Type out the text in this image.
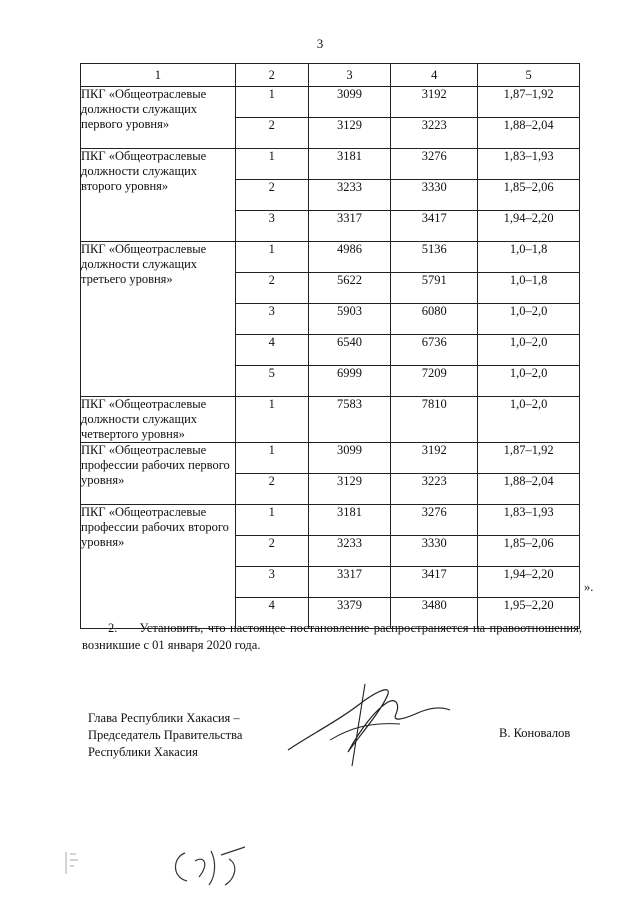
3
1	2	3	4	5
ПКГ «Общеотраслевые должности служащих первого уровня»	1	3099	3192	1,87–1,92
	2	3129	3223	1,88–2,04
ПКГ «Общеотраслевые должности служащих второго уровня»	1	3181	3276	1,83–1,93
	2	3233	3330	1,85–2,06
	3	3317	3417	1,94–2,20
ПКГ «Общеотраслевые должности служащих третьего уровня»	1	4986	5136	1,0–1,8
	2	5622	5791	1,0–1,8
	3	5903	6080	1,0–2,0
	4	6540	6736	1,0–2,0
	5	6999	7209	1,0–2,0
ПКГ «Общеотраслевые должности служащих четвертого уровня»	1	7583	7810	1,0–2,0
ПКГ «Общеотраслевые профессии рабочих первого уровня»	1	3099	3192	1,87–1,92
	2	3129	3223	1,88–2,04
ПКГ «Общеотраслевые профессии рабочих второго уровня»	1	3181	3276	1,83–1,93
	2	3233	3330	1,85–2,06
	3	3317	3417	1,94–2,20
	4	3379	3480	1,95–2,20
».
2.     Установить, что настоящее постановление распространяется на правоотношения, возникшие с 01 января 2020 года.
Глава Республики Хакасия –
Председатель Правительства
Республики Хакасия
В. Коновалов
